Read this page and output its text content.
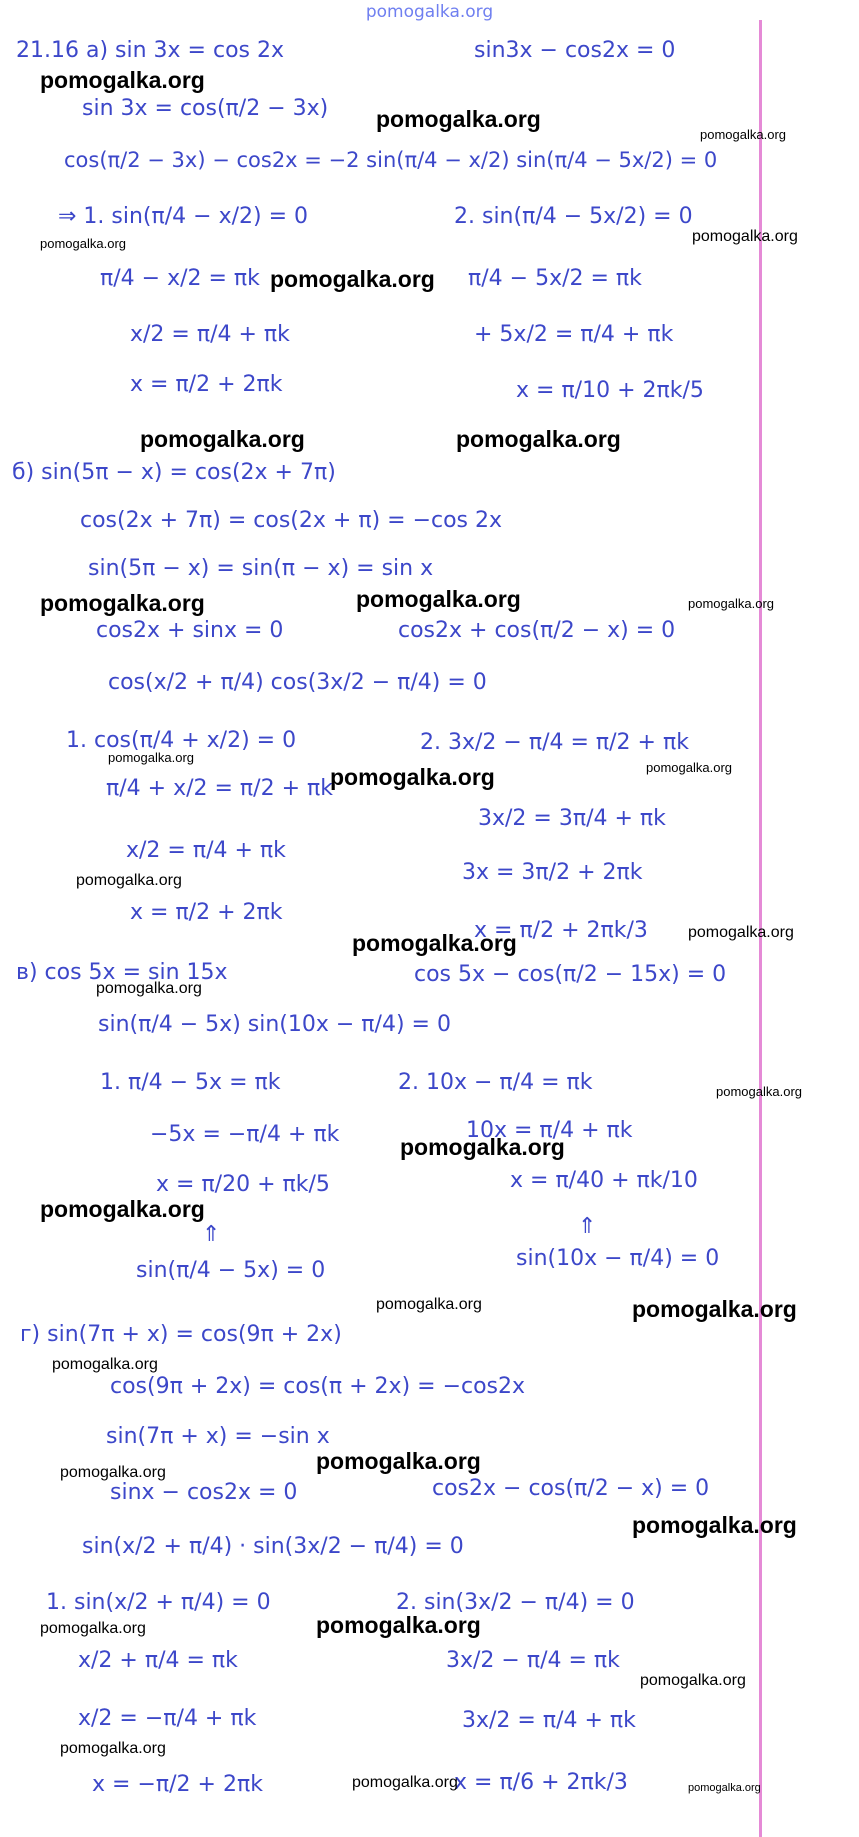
pomogalka.org
21.16 а) sin 3x = cos 2x	sin3x − cos2x = 0
sin 3x = cos(π/2 − 3x)
cos(π/2 − 3x) − cos2x = −2 sin(π/4 − x/2) sin(π/4 − 5x/2) = 0
⇒ 1. sin(π/4 − x/2) = 0	2. sin(π/4 − 5x/2) = 0
π/4 − x/2 = πk	π/4 − 5x/2 = πk
x/2 = π/4 + πk	+ 5x/2 = π/4 + πk
x = π/2 + 2πk	x = π/10 + 2πk/5
б) sin(5π − x) = cos(2x + 7π)
cos(2x + 7π) = cos(2x + π) = −cos 2x
sin(5π − x) = sin(π − x) = sin x
cos2x + sinx = 0	cos2x + cos(π/2 − x) = 0
cos(x/2 + π/4) cos(3x/2 − π/4) = 0
1. cos(π/4 + x/2) = 0	2. 3x/2 − π/4 = π/2 + πk
π/4 + x/2 = π/2 + πk
3x/2 = 3π/4 + πk
x/2 = π/4 + πk
3x = 3π/2 + 2πk
x = π/2 + 2πk
x = π/2 + 2πk/3
в) cos 5x = sin 15x	cos 5x − cos(π/2 − 15x) = 0
sin(π/4 − 5x) sin(10x − π/4) = 0
1. π/4 − 5x = πk	2. 10x − π/4 = πk
−5x = −π/4 + πk	10x = π/4 + πk
x = π/20 + πk/5	x = π/40 + πk/10
⇑
sin(π/4 − 5x) = 0
⇑
sin(10x − π/4) = 0
г) sin(7π + x) = cos(9π + 2x)
cos(9π + 2x) = cos(π + 2x) = −cos2x
sin(7π + x) = −sin x
sinx − cos2x = 0	cos2x − cos(π/2 − x) = 0
sin(x/2 + π/4) · sin(3x/2 − π/4) = 0
1. sin(x/2 + π/4) = 0	2. sin(3x/2 − π/4) = 0
x/2 + π/4 = πk	3x/2 − π/4 = πk
x/2 = −π/4 + πk	3x/2 = π/4 + πk
x = −π/2 + 2πk	x = π/6 + 2πk/3
pomogalka.org
pomogalka.org
pomogalka.org
pomogalka.org
pomogalka.org
pomogalka.org
pomogalka.org	pomogalka.org
pomogalka.org	pomogalka.org	pomogalka.org
pomogalka.org
pomogalka.org	pomogalka.org
pomogalka.org
pomogalka.org	pomogalka.org
pomogalka.org
pomogalka.org
pomogalka.org
pomogalka.org
pomogalka.org	pomogalka.org
pomogalka.org
pomogalka.org
pomogalka.org
pomogalka.org
pomogalka.org	pomogalka.org
pomogalka.org
pomogalka.org
pomogalka.org	pomogalka.org
